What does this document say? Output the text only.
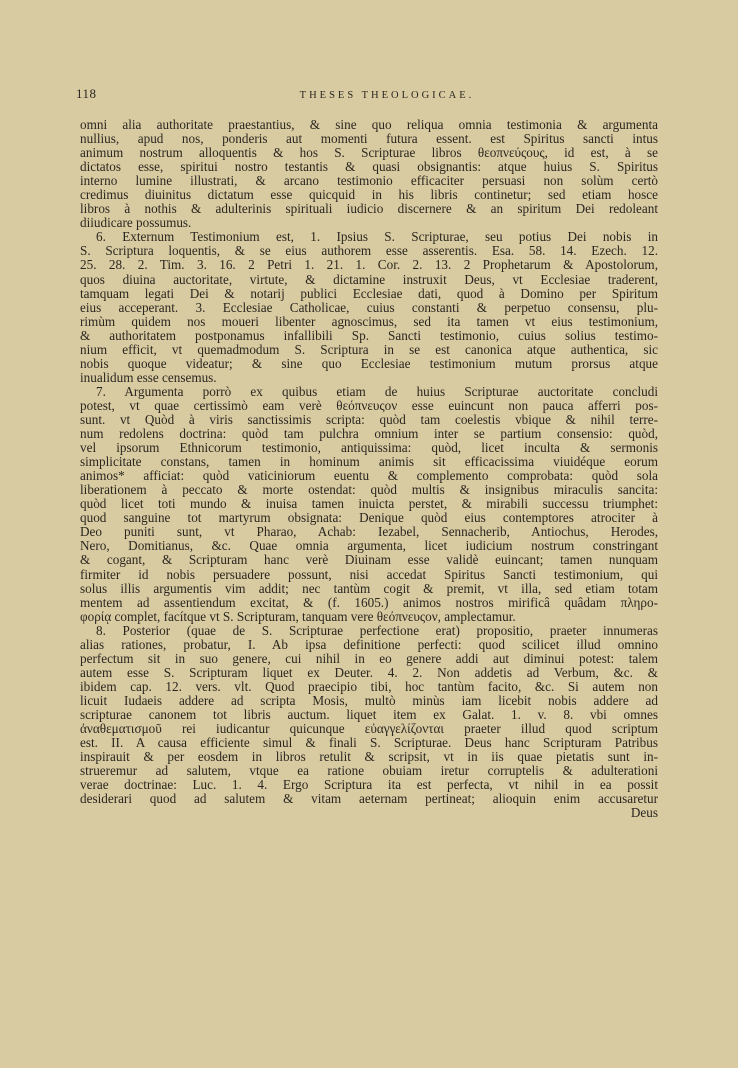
118	THESES THEOLOGICAE.
omni alia authoritate praestantius, & sine quo reliqua omnia testimonia & argumenta
nullius, apud nos, ponderis aut momenti futura essent. est Spiritus sancti intus
animum nostrum alloquentis & hos S. Scripturae libros θεοπνεύςους, id est, à se
dictatos esse, spiritui nostro testantis & quasi obsignantis: atque huius S. Spiritus
interno lumine illustrati, & arcano testimonio efficaciter persuasi non solùm certò
credimus diuinitus dictatum esse quicquid in his libris continetur; sed etiam hosce
libros à nothis & adulterinis spirituali iudicio discernere & an spiritum Dei redoleant
diiudicare possumus.
6. Externum Testimonium est, 1. Ipsius S. Scripturae, seu potius Dei nobis in
S. Scriptura loquentis, & se eius authorem esse asserentis. Esa. 58. 14. Ezech. 12.
25. 28. 2. Tim. 3. 16. 2 Petri 1. 21. 1. Cor. 2. 13. 2 Prophetarum & Apostolorum,
quos diuina auctoritate, virtute, & dictamine instruxit Deus, vt Ecclesiae traderent,
tamquam legati Dei & notarij publici Ecclesiae dati, quod à Domino per Spiritum
eius acceperant. 3. Ecclesiae Catholicae, cuius constanti & perpetuo consensu, plu-
rimùm quidem nos moueri libenter agnoscimus, sed ita tamen vt eius testimonium,
& authoritatem postponamus infallibili Sp. Sancti testimonio, cuius solius testimo-
nium efficit, vt quemadmodum S. Scriptura in se est canonica atque authentica, sic
nobis quoque videatur; & sine quo Ecclesiae testimonium mutum prorsus atque
inualidum esse censemus.
7. Argumenta porrò ex quibus etiam de huius Scripturae auctoritate concludi
potest, vt quae certissimò eam verè θεόπνευςον esse euincunt non pauca afferri pos-
sunt. vt Quòd à viris sanctissimis scripta: quòd tam coelestis vbique & nihil terre-
num redolens doctrina: quòd tam pulchra omnium inter se partium consensio: quòd,
vel ipsorum Ethnicorum testimonio, antiquissima: quòd, licet inculta & sermonis
simplicitate constans, tamen in hominum animis sit efficacissima viuidéque eorum
animos* afficiat: quòd vaticiniorum euentu & complemento comprobata: quòd sola
liberationem à peccato & morte ostendat: quòd multis & insignibus miraculis sancita:
quòd licet toti mundo & inuisa tamen inuicta perstet, & mirabili successu triumphet:
quod sanguine tot martyrum obsignata: Denique quòd eius contemptores atrociter à
Deo puniti sunt, vt Pharao, Achab: Iezabel, Sennacherib, Antiochus, Herodes,
Nero, Domitianus, &c. Quae omnia argumenta, licet iudicium nostrum constringant
& cogant, & Scripturam hanc verè Diuinam esse validè euincant; tamen nunquam
firmiter id nobis persuadere possunt, nisi accedat Spiritus Sancti testimonium, qui
solus illis argumentis vim addit; nec tantùm cogit & premit, vt illa, sed etiam totam
mentem ad assentiendum excitat, & (f. 1605.) animos nostros mirificâ quâdam πληρο-
φορίᾳ complet, facítque vt S. Scripturam, tanquam vere θεόπνευςον, amplectamur.
8. Posterior (quae de S. Scripturae perfectione erat) propositio, praeter innumeras
alias rationes, probatur, I. Ab ipsa definitione perfecti: quod scilicet illud omnino
perfectum sit in suo genere, cui nihil in eo genere addi aut diminui potest: talem
autem esse S. Scripturam liquet ex Deuter. 4. 2. Non addetis ad Verbum, &c. &
ibidem cap. 12. vers. vlt. Quod praecipio tibi, hoc tantùm facito, &c. Si autem non
licuit Iudaeis addere ad scripta Mosis, multò minùs iam licebit nobis addere ad
scripturae canonem tot libris auctum. liquet item ex Galat. 1. v. 8. vbi omnes
ἀναθεματισμοῦ rei iudicantur quicunque εὐαγγελίζονται praeter illud quod scriptum
est. II. A causa efficiente simul & finali S. Scripturae. Deus hanc Scripturam Patribus
inspirauit & per eosdem in libros retulit & scripsit, vt in iis quae pietatis sunt in-
strueremur ad salutem, vtque ea ratione obuiam iretur corruptelis & adulterationi
verae doctrinae: Luc. 1. 4. Ergo Scriptura ita est perfecta, vt nihil in ea possit
desiderari quod ad salutem & vitam aeternam pertineat; alioquin enim accusaretur
Deus
